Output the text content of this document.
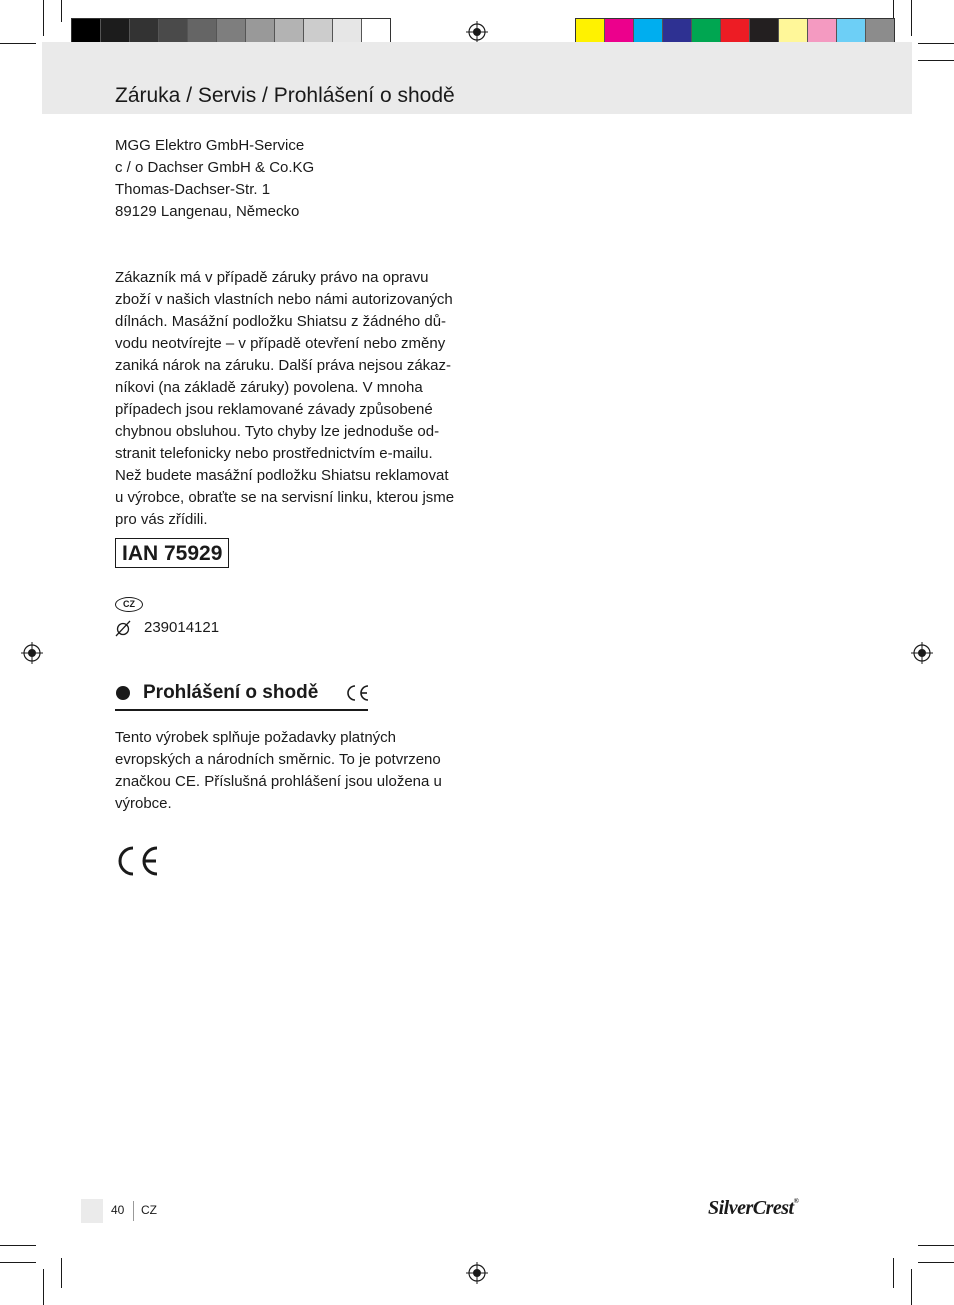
Záruka / Servis / Prohlášení o shodě
MGG Elektro GmbH-Service
c / o Dachser GmbH & Co.KG
Thomas-Dachser-Str. 1
89129 Langenau, Německo
Zákazník má v případě záruky právo na opravu
zboží v našich vlastních nebo námi autorizovaných
dílnách. Masážní podložku Shiatsu z žádného dů-
vodu neotvírejte – v případě otevření nebo změny
zaniká nárok na záruku. Další práva nejsou zákaz-
níkovi (na základě záruky) povolena. V mnoha
případech jsou reklamované závady způsobené
chybnou obsluhou. Tyto chyby lze jednoduše od-
stranit telefonicky nebo prostřednictvím e-mailu.
Než budete masážní podložku Shiatsu reklamovat
u výrobce, obraťte se na servisní linku, kterou jsme
pro vás zřídili.
IAN 75929
CZ
239014121
Prohlášení o shodě
Tento výrobek splňuje požadavky platných
evropských a národních směrnic. To je potvrzeno
značkou CE. Příslušná prohlášení jsou uložena u
výrobce.
40 CZ	SilverCrest®
